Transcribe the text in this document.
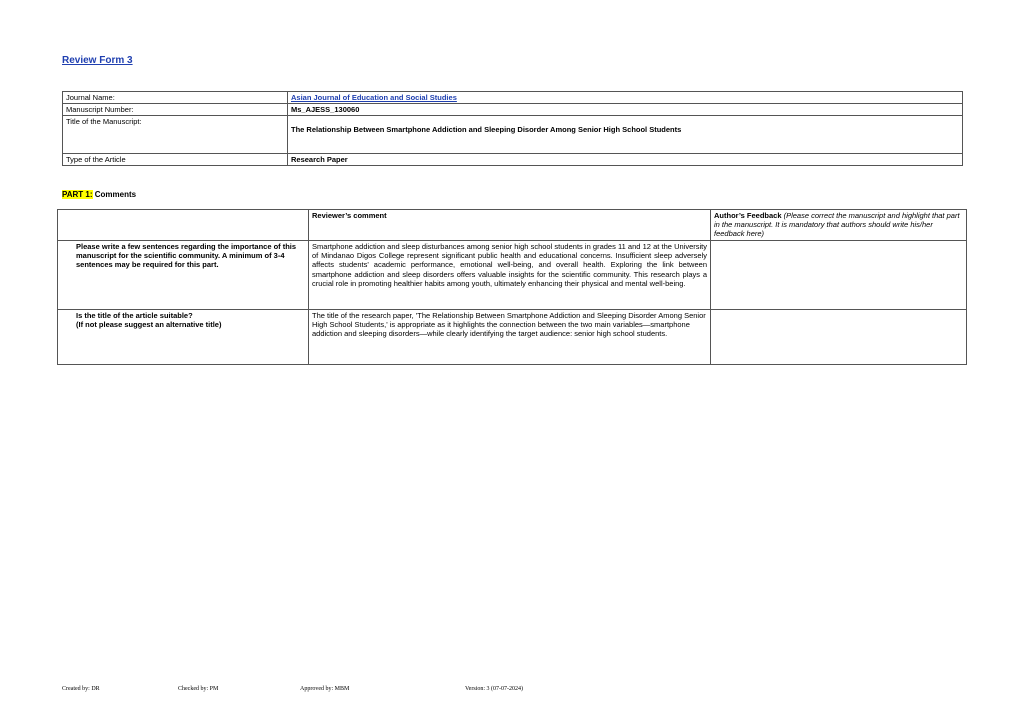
Review Form 3
Journal Name:	Asian Journal of Education and Social Studies
Manuscript Number:	Ms_AJESS_130060
Title of the Manuscript:	The Relationship Between Smartphone Addiction and Sleeping Disorder Among Senior High School Students
Type of the Article	Research Paper
PART 1: Comments
	Reviewer’s comment	Author’s Feedback (Please correct the manuscript and highlight that part in the manuscript. It is mandatory that authors should write his/her feedback here)
Please write a few sentences regarding the importance of this manuscript for the scientific community. A minimum of 3-4 sentences may be required for this part.	Smartphone addiction and sleep disturbances among senior high school students in grades 11 and 12 at the University of Mindanao Digos College represent significant public health and educational concerns. Insufficient sleep adversely affects students' academic performance, emotional well-being, and overall health. Exploring the link between smartphone addiction and sleep disorders offers valuable insights for the scientific community. This research plays a crucial role in promoting healthier habits among youth, ultimately enhancing their physical and mental well-being.	

Is the title of the article suitable?
(If not please suggest an alternative title)	The title of the research paper, 'The Relationship Between Smartphone Addiction and Sleeping Disorder Among Senior High School Students,' is appropriate as it highlights the connection between the two main variables—smartphone addiction and sleeping disorders—while clearly identifying the target audience: senior high school students.	
Created by: DR	Checked by: PM	Approved by: MBM	Version: 3 (07-07-2024)
